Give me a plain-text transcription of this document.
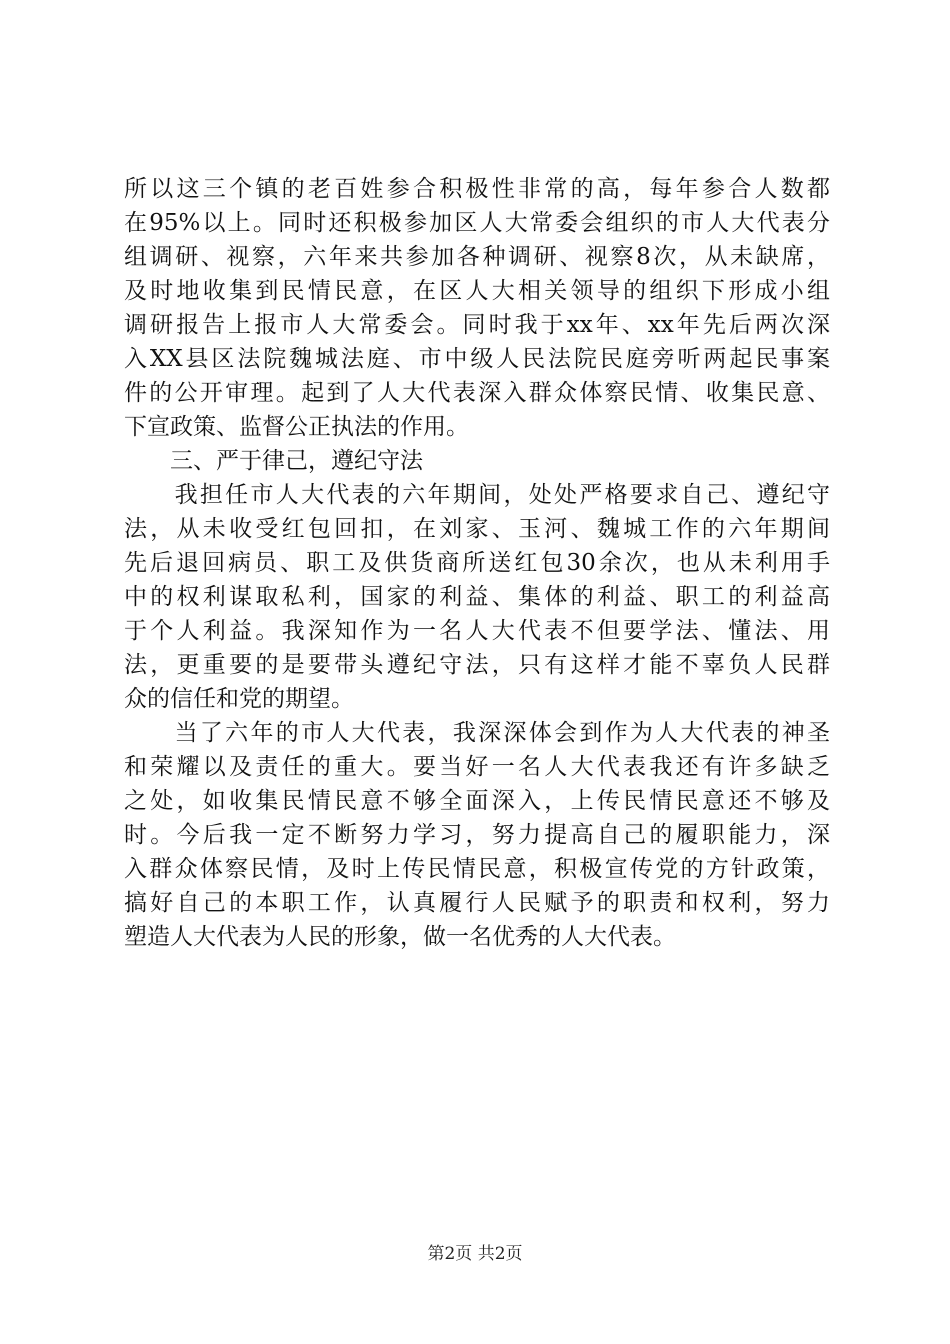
所以这三个镇的老百姓参合积极性非常的高，每年参合人数都
在95%以上。同时还积极参加区人大常委会组织的市人大代表分
组调研、视察，六年来共参加各种调研、视察8次，从未缺席，
及时地收集到民情民意，在区人大相关领导的组织下形成小组
调研报告上报市人大常委会。同时我于xx年、xx年先后两次深
入XX县区法院魏城法庭、市中级人民法院民庭旁听两起民事案
件的公开审理。起到了人大代表深入群众体察民情、收集民意、
下宣政策、监督公正执法的作用。
　　三、严于律己，遵纪守法
　　我担任市人大代表的六年期间，处处严格要求自己、遵纪守
法，从未收受红包回扣，在刘家、玉河、魏城工作的六年期间
先后退回病员、职工及供货商所送红包30余次，也从未利用手
中的权利谋取私利，国家的利益、集体的利益、职工的利益高
于个人利益。我深知作为一名人大代表不但要学法、懂法、用
法，更重要的是要带头遵纪守法，只有这样才能不辜负人民群
众的信任和党的期望。
　　当了六年的市人大代表，我深深体会到作为人大代表的神圣
和荣耀以及责任的重大。要当好一名人大代表我还有许多缺乏
之处，如收集民情民意不够全面深入，上传民情民意还不够及
时。今后我一定不断努力学习，努力提高自己的履职能力，深
入群众体察民情，及时上传民情民意，积极宣传党的方针政策，
搞好自己的本职工作，认真履行人民赋予的职责和权利，努力
塑造人大代表为人民的形象，做一名优秀的人大代表。
第2页 共2页
